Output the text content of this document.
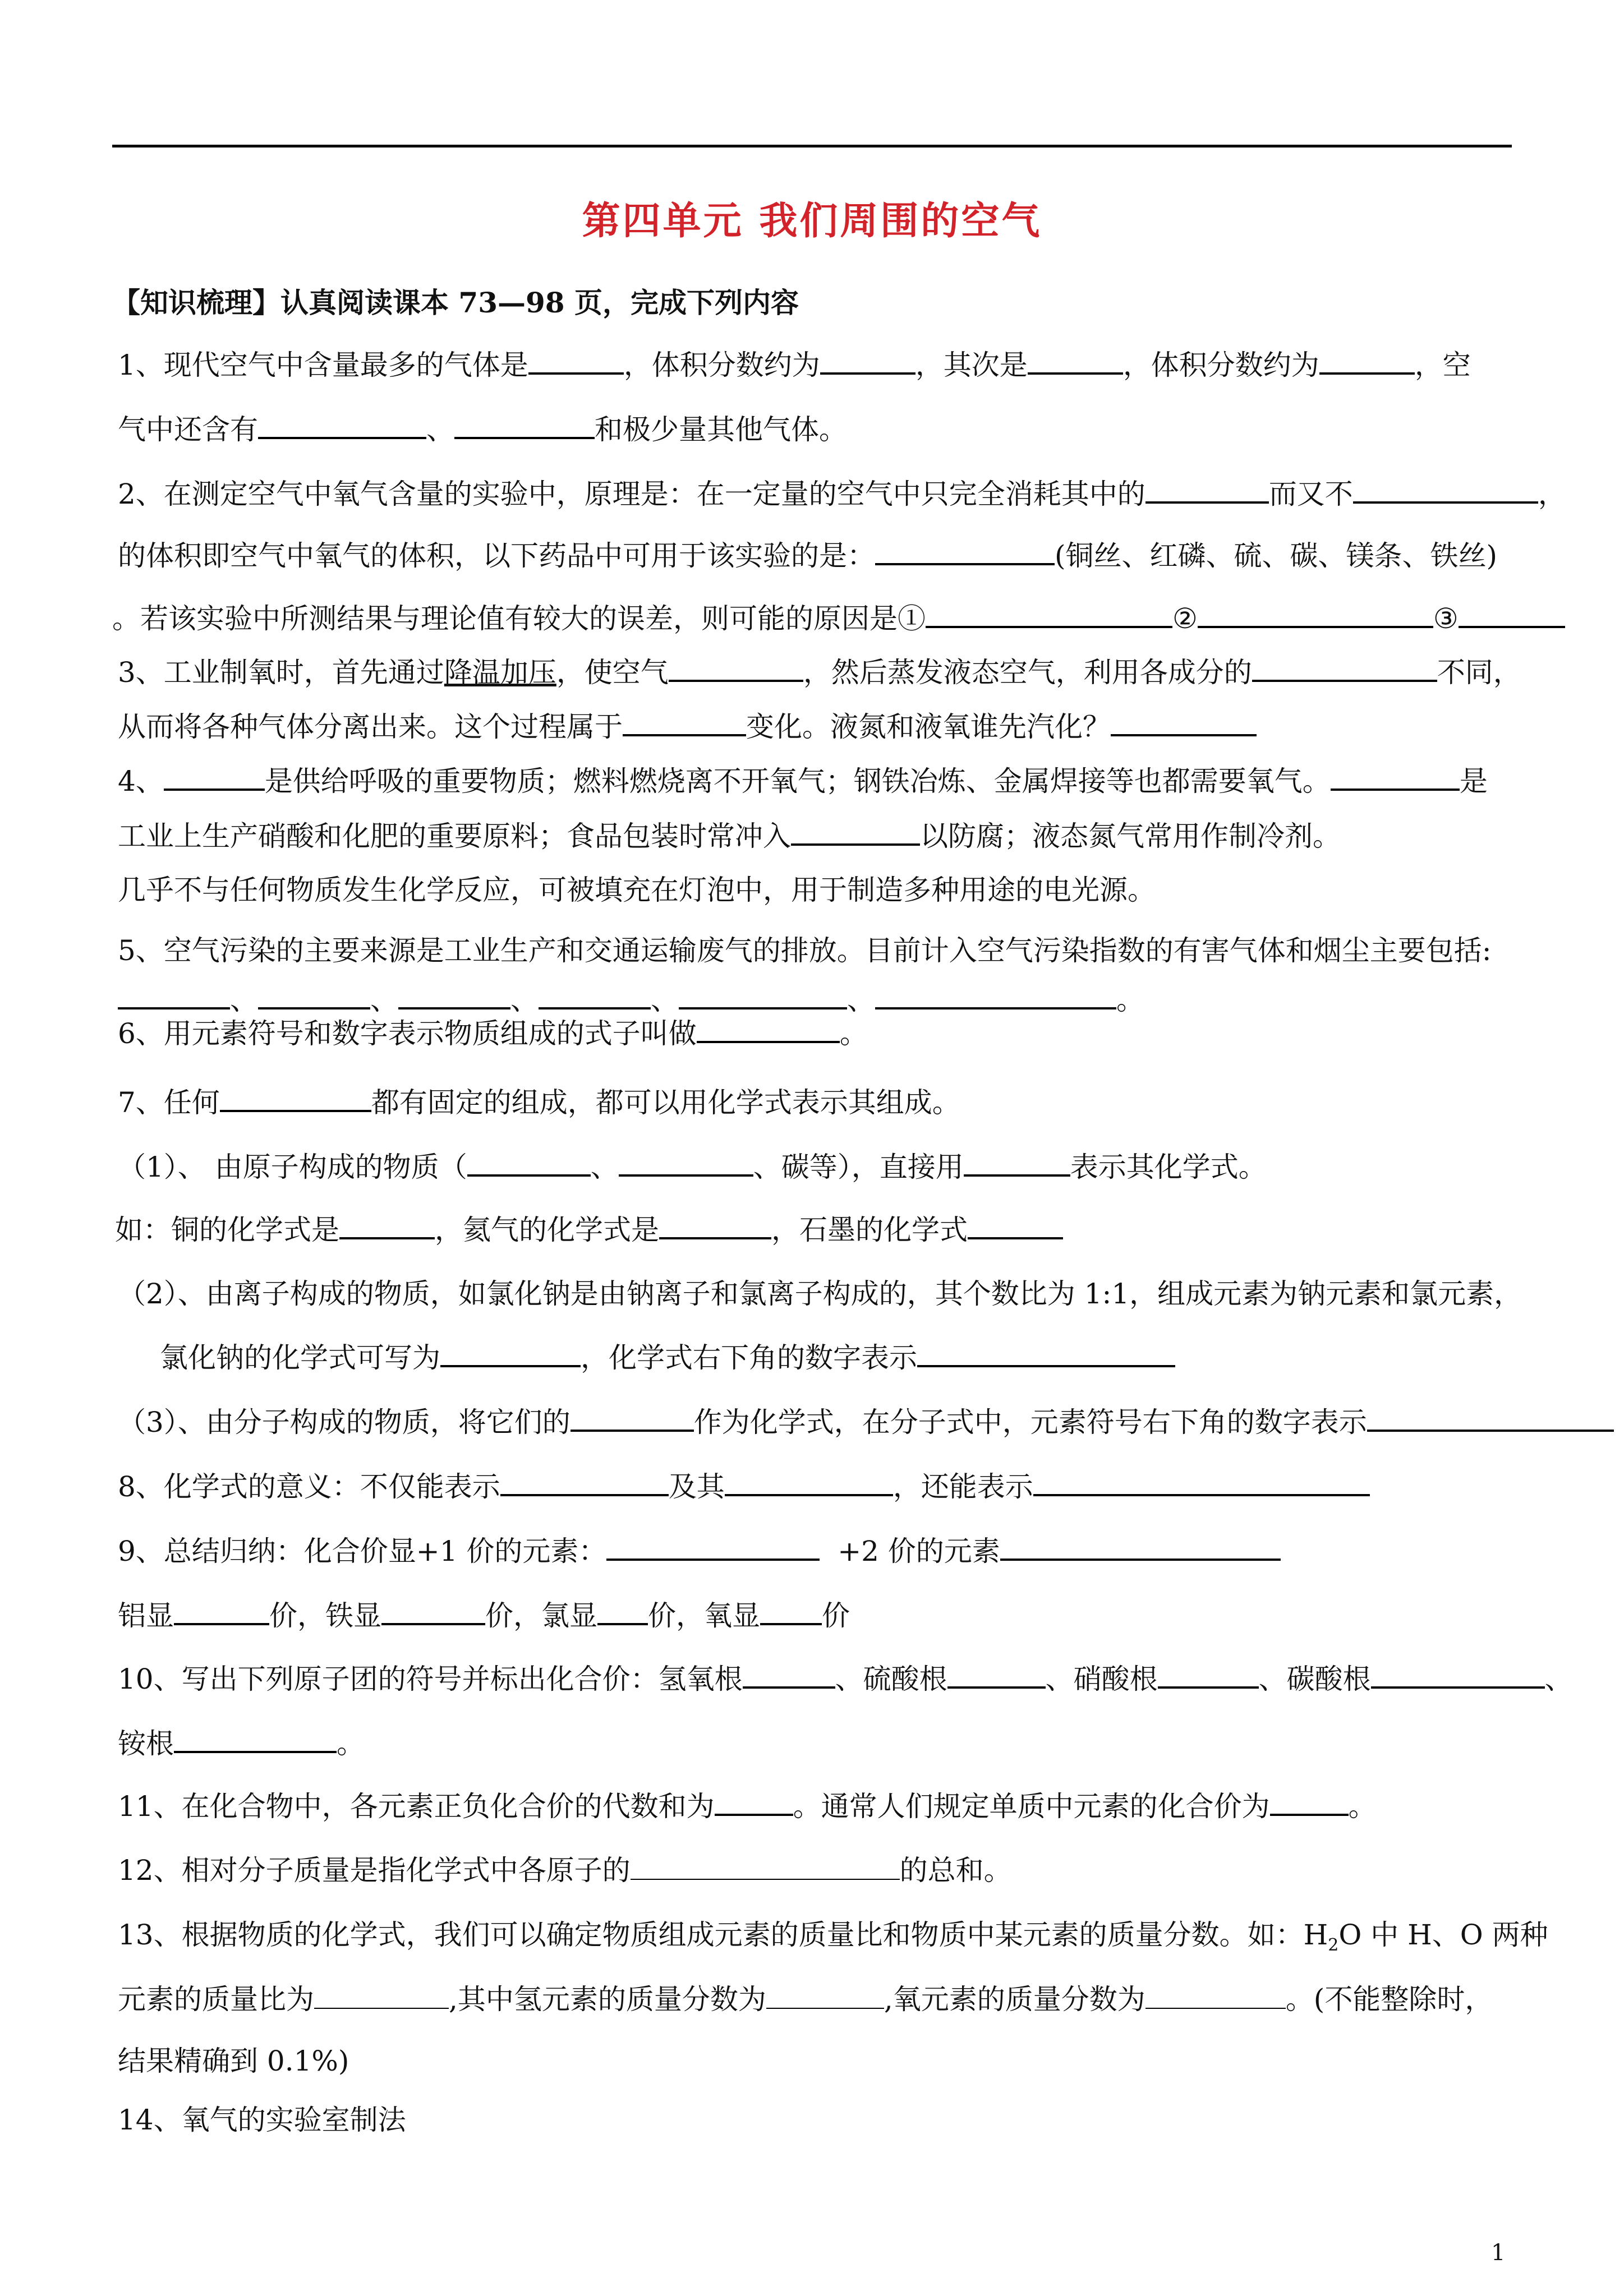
第四单元 我们周围的空气
【知识梳理】认真阅读课本 73—98 页，完成下列内容
1、现代空气中含量最多的气体是	，体积分数约为	，其次是	，体积分数约为	，空
气中还含有	、	和极少量其他气体。
2、在测定空气中氧气含量的实验中，原理是：在一定量的空气中只完全消耗其中的	而又不	，
的体积即空气中氧气的体积，以下药品中可用于该实验的是：	(铜丝、红磷、硫、碳、镁条、铁丝)
。若该实验中所测结果与理论值有较大的误差，则可能的原因是①	②	③
3、工业制氧时，首先通过降温加压，使空气	，然后蒸发液态空气，利用各成分的	不同，
从而将各种气体分离出来。这个过程属于	变化。液氮和液氧谁先汽化？
4、	是供给呼吸的重要物质；燃料燃烧离不开氧气；钢铁冶炼、金属焊接等也都需要氧气。	是
工业上生产硝酸和化肥的重要原料；食品包装时常冲入	以防腐；液态氮气常用作制冷剂。
几乎不与任何物质发生化学反应，可被填充在灯泡中，用于制造多种用途的电光源。
5、空气污染的主要来源是工业生产和交通运输废气的排放。目前计入空气污染指数的有害气体和烟尘主要包括:
、	、	、	、	、	。
6、用元素符号和数字表示物质组成的式子叫做	。
7、任何	都有固定的组成，都可以用化学式表示其组成。
（1）、 由原子构成的物质（	、	、碳等），直接用	表示其化学式。
如：铜的化学式是	，氦气的化学式是	，石墨的化学式
（2）、由离子构成的物质，如氯化钠是由钠离子和氯离子构成的，其个数比为 1:1，组成元素为钠元素和氯元素，
氯化钠的化学式可写为	，化学式右下角的数字表示
（3）、由分子构成的物质，将它们的	作为化学式，在分子式中，元素符号右下角的数字表示
8、化学式的意义：不仅能表示	及其	，还能表示
9、总结归纳：化合价显+1 价的元素：	+2 价的元素
铝显	价，铁显	价，氯显 价，氧显 价
10、写出下列原子团的符号并标出化合价：氢氧根	、硫酸根	、硝酸根	、碳酸根	、
铵根	。
11、在化合物中，各元素正负化合价的代数和为	。通常人们规定单质中元素的化合价为	。
12、相对分子质量是指化学式中各原子的	的总和。
13、根据物质的化学式，我们可以确定物质组成元素的质量比和物质中某元素的质量分数。如：$H_2O$ 中 H、O 两种
元素的质量比为	,其中氢元素的质量分数为	,氧元素的质量分数为	。(不能整除时，
结果精确到 0.1%)
14、氧气的实验室制法
1
